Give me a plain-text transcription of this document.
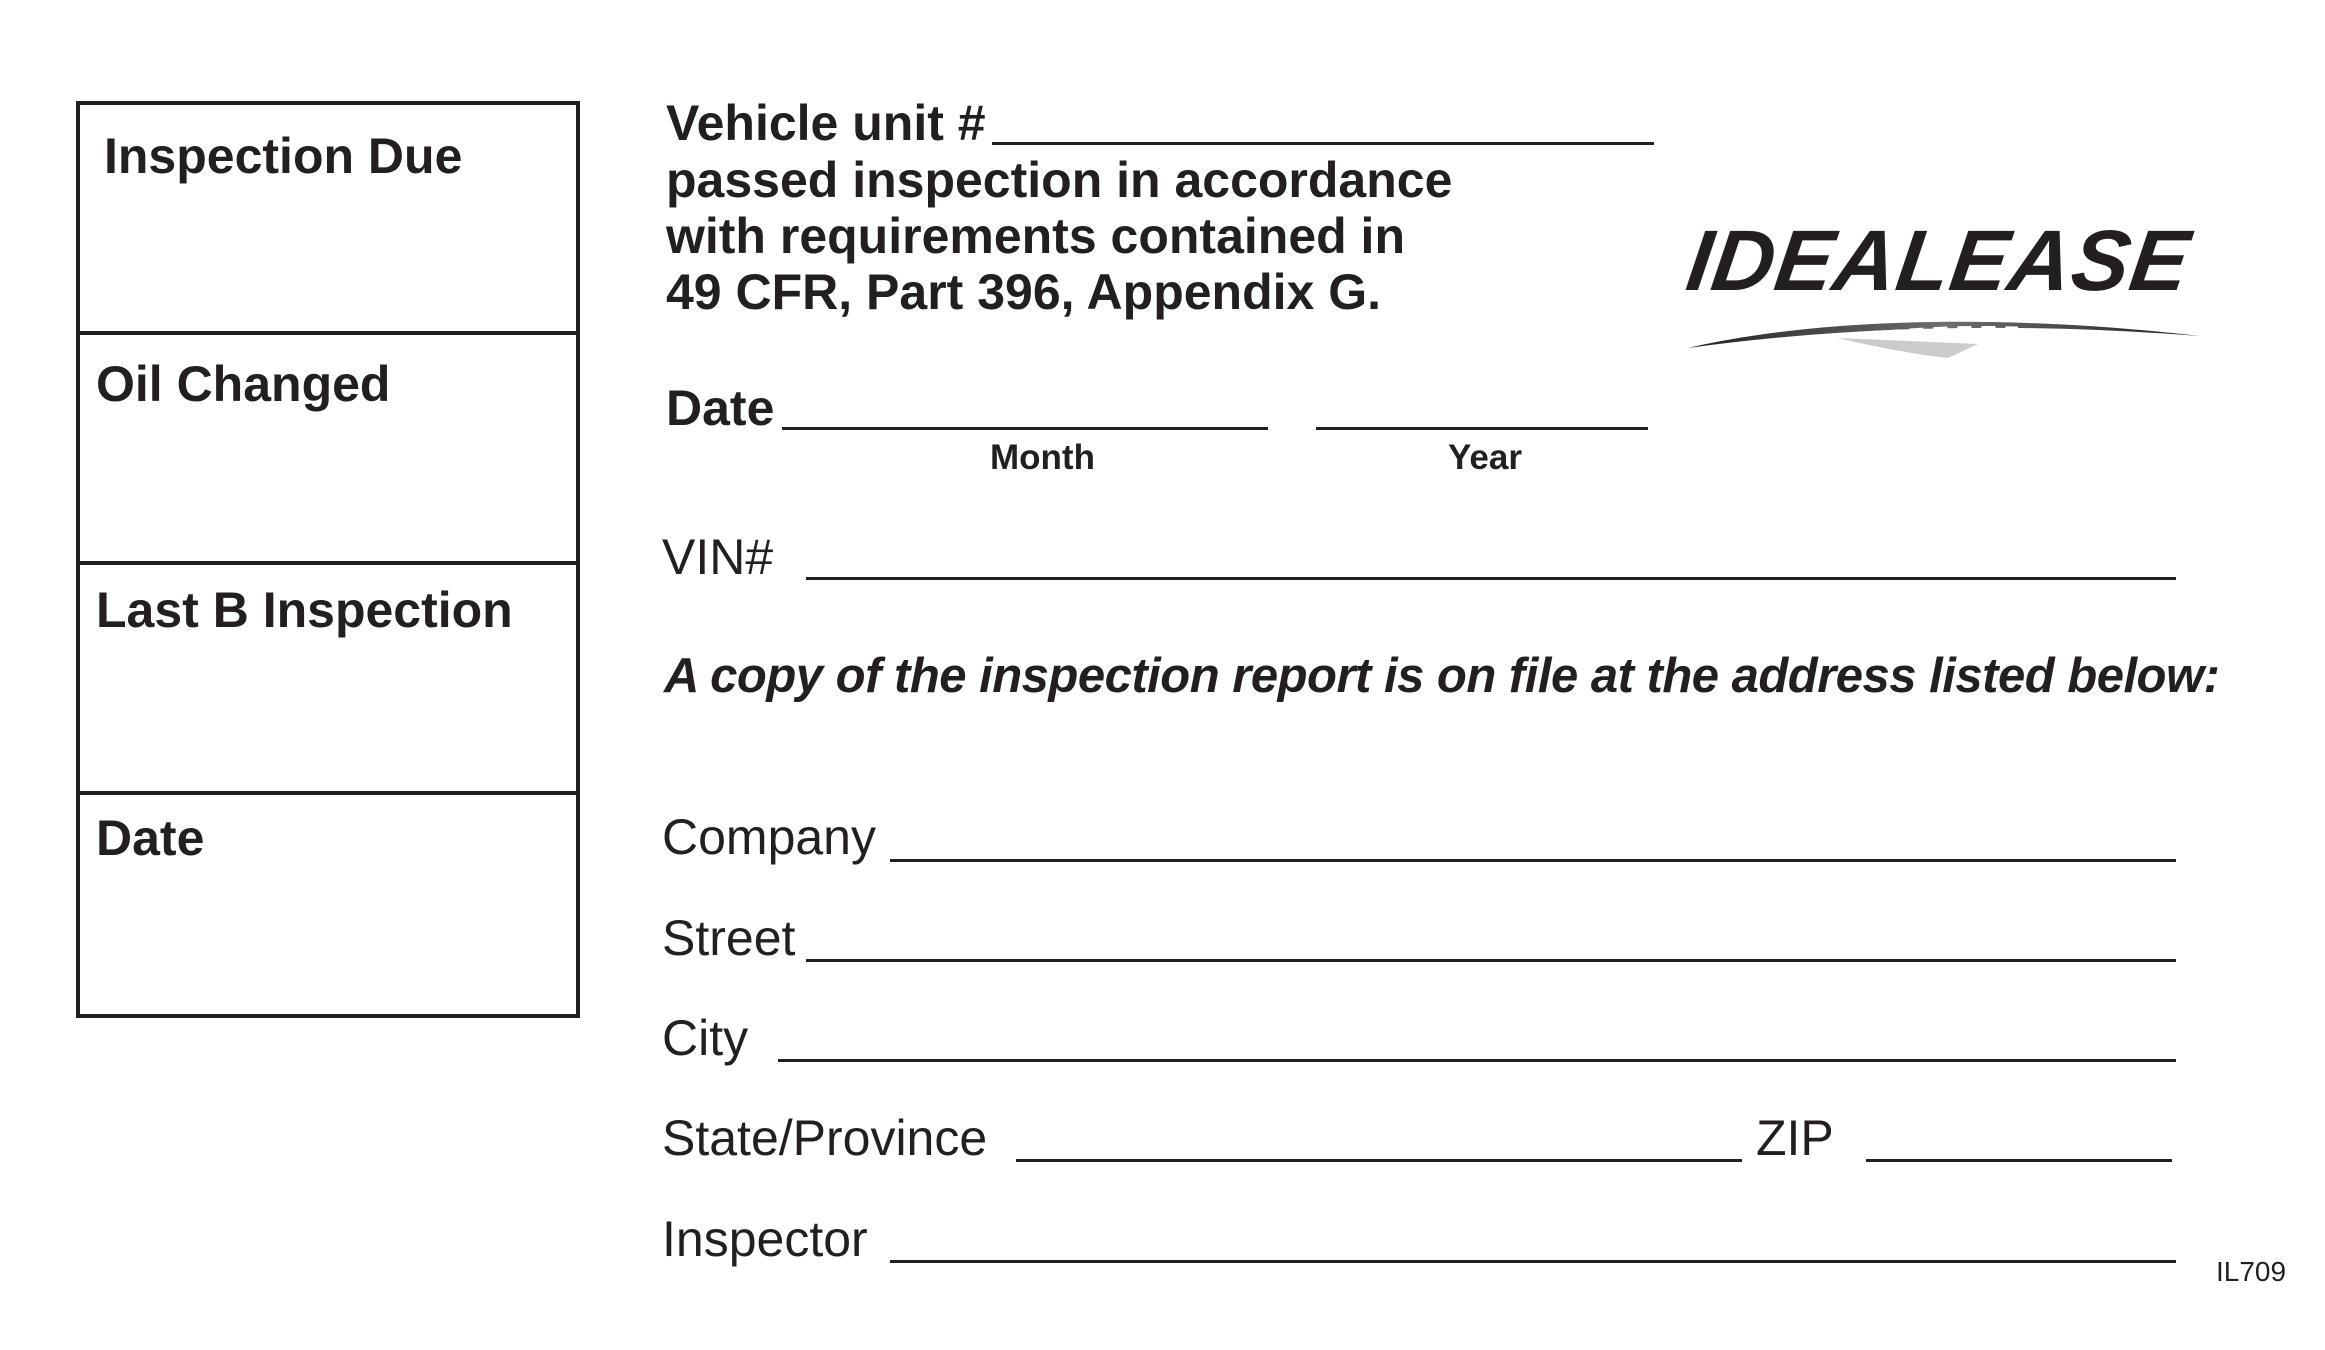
Inspection Due
Oil Changed
Last B Inspection
Date
Vehicle unit #
passed inspection in accordance
with requirements contained in
49 CFR, Part 396, Appendix G.	IDEALEASE
Date
Month	Year
VIN#
A copy of the inspection report is on file at the address listed below:
Company
Street
City
State/Province	ZIP
Inspector
IL709
